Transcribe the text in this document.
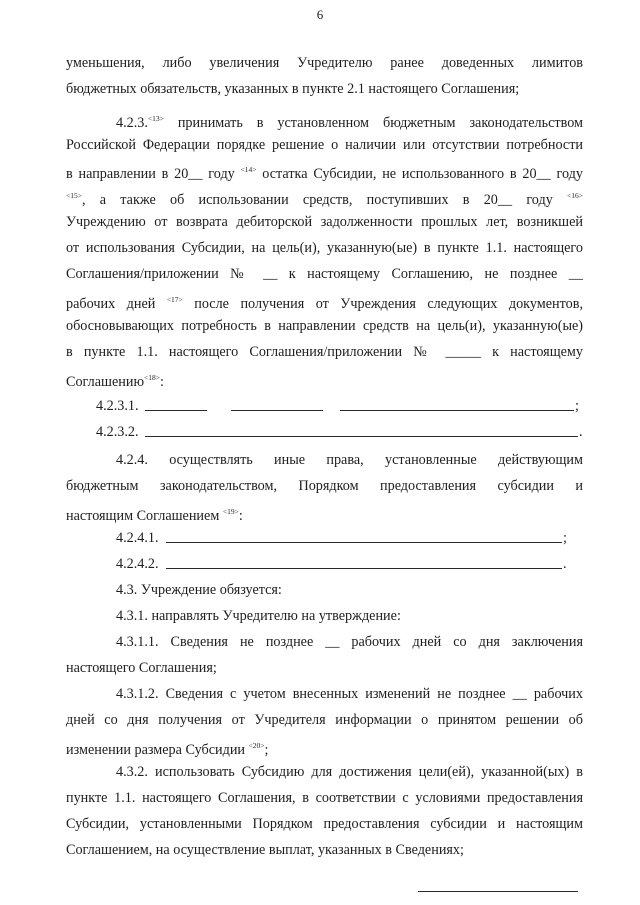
6
уменьшения, либо увеличения Учредителю ранее доведенных лимитов
бюджетных обязательств, указанных в пункте 2.1 настоящего Соглашения;
4.2.3.$^{<13>}$ принимать в установленном бюджетным законодательством
Российской Федерации порядке решение о наличии или отсутствии потребности
в направлении в 20__ году $^{<14>}$ остатка Субсидии, не использованного в 20__ году
$^{<15>}$, а также об использовании средств, поступивших в 20__ году $^{<16>}$
Учреждению от возврата дебиторской задолженности прошлых лет, возникшей
от использования Субсидии, на цель(и), указанную(ые) в пункте 1.1. настоящего
Соглашения/приложении № __ к настоящему Соглашению, не позднее __
рабочих дней $^{<17>}$ после получения от Учреждения следующих документов,
обосновывающих потребность в направлении средств на цель(и), указанную(ые)
в пункте 1.1. настоящего Соглашения/приложении № _____ к настоящему
Соглашению$^{<18>}$:
4.2.3.1.	;
4.2.3.2.	.
4.2.4. осуществлять иные права, установленные действующим
бюджетным законодательством, Порядком предоставления субсидии и
настоящим Соглашением $^{<19>}$:
4.2.4.1.	;
4.2.4.2.	.
4.3. Учреждение обязуется:
4.3.1. направлять Учредителю на утверждение:
4.3.1.1. Сведения не позднее __ рабочих дней со дня заключения
настоящего Соглашения;
4.3.1.2. Сведения с учетом внесенных изменений не позднее __ рабочих
дней со дня получения от Учредителя информации о принятом решении об
изменении размера Субсидии $^{<20>}$;
4.3.2. использовать Субсидию для достижения цели(ей), указанной(ых) в
пункте 1.1. настоящего Соглашения, в соответствии с условиями предоставления
Субсидии, установленными Порядком предоставления субсидии и настоящим
Соглашением, на осуществление выплат, указанных в Сведениях;
